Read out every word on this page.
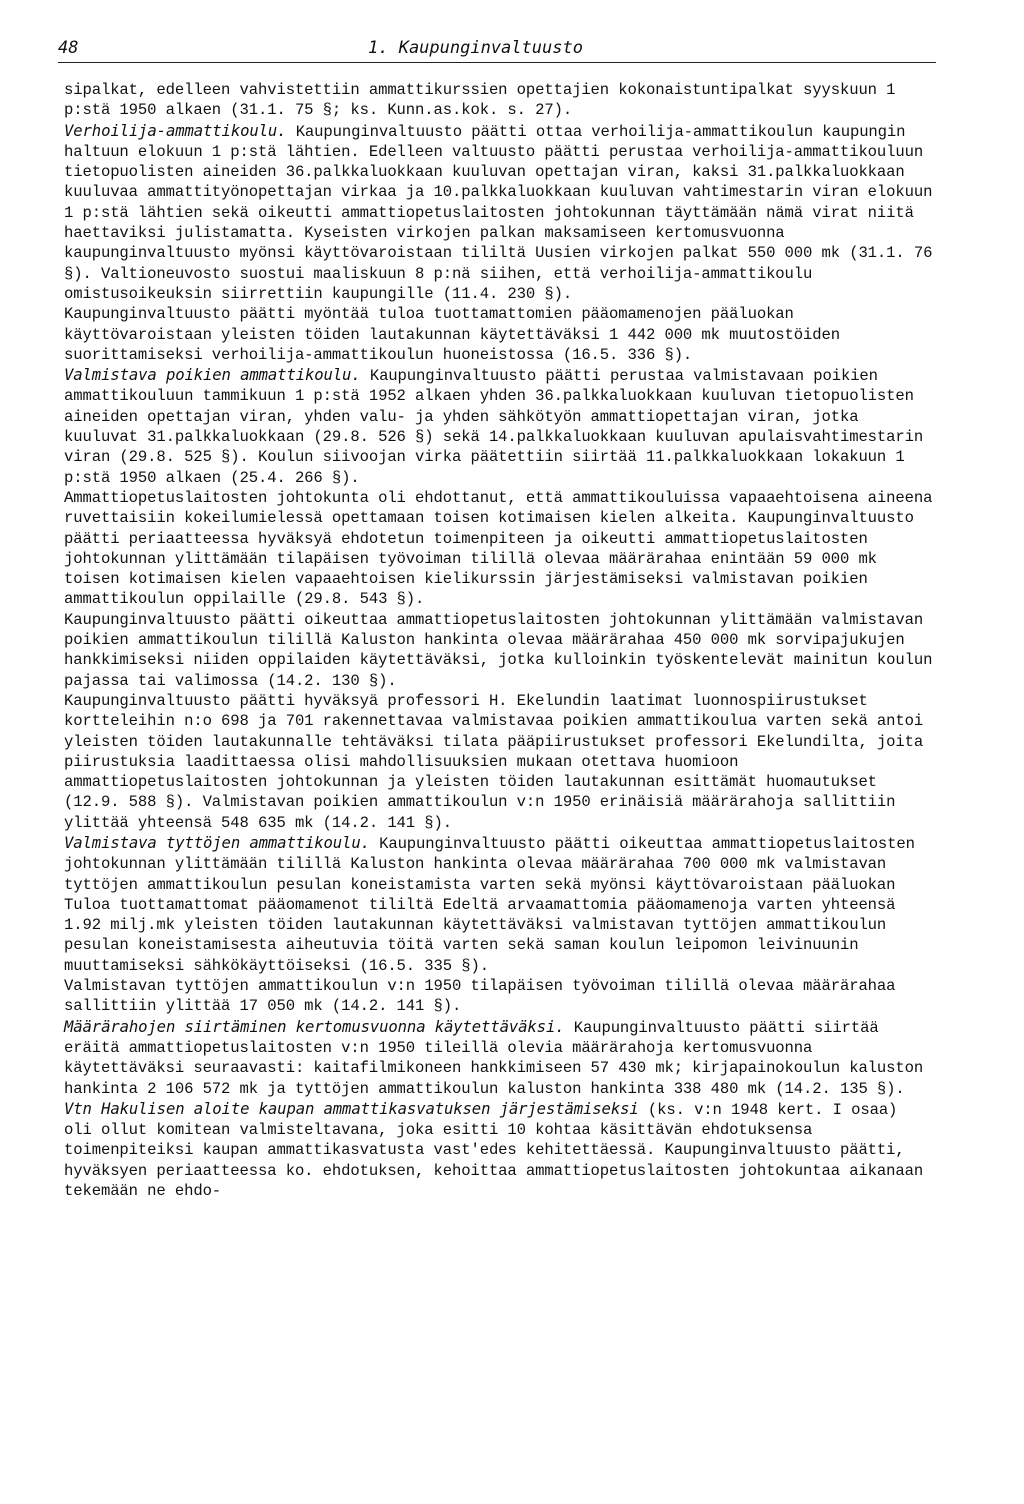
48	1. Kaupunginvaltuusto

sipalkat, edelleen vahvistettiin ammattikurssien opettajien kokonaistuntipalkat syyskuun 1 p:stä 1950 alkaen (31.1. 75 §; ks. Kunn.as.kok. s. 27).

Verhoilija-ammattikoulu. Kaupunginvaltuusto päätti ottaa verhoilija-ammattikoulun kaupungin haltuun elokuun 1 p:stä lähtien. Edelleen valtuusto päätti perustaa verhoilija-ammattikouluun tietopuolisten aineiden 36.palkkaluokkaan kuuluvan opettajan viran, kaksi 31.palkkaluokkaan kuuluvaa ammattityönopettajan virkaa ja 10.palkkaluokkaan kuuluvan vahtimestarin viran elokuun 1 p:stä lähtien sekä oikeutti ammattiopetuslaitosten johtokunnan täyttämään nämä virat niitä haettaviksi julistamatta. Kyseisten virkojen palkan maksamiseen kertomusvuonna kaupunginvaltuusto myönsi käyttövaroistaan tililtä Uusien virkojen palkat 550 000 mk (31.1. 76 §). Valtioneuvosto suostui maaliskuun 8 p:nä siihen, että verhoilija-ammattikoulu omistusoikeuksin siirrettiin kaupungille (11.4. 230 §).

Kaupunginvaltuusto päätti myöntää tuloa tuottamattomien pääomamenojen pääluokan käyttövaroistaan yleisten töiden lautakunnan käytettäväksi 1 442 000 mk muutostöiden suorittamiseksi verhoilija-ammattikoulun huoneistossa (16.5. 336 §).

Valmistava poikien ammattikoulu. Kaupunginvaltuusto päätti perustaa valmistavaan poikien ammattikouluun tammikuun 1 p:stä 1952 alkaen yhden 36.palkkaluokkaan kuuluvan tietopuolisten aineiden opettajan viran, yhden valu- ja yhden sähkötyön ammattiopettajan viran, jotka kuuluvat 31.palkkaluokkaan (29.8. 526 §) sekä 14.palkkaluokkaan kuuluvan apulaisvahtimestarin viran (29.8. 525 §). Koulun siivoojan virka päätettiin siirtää 11.palkkaluokkaan lokakuun 1 p:stä 1950 alkaen (25.4. 266 §).

Ammattiopetuslaitosten johtokunta oli ehdottanut, että ammattikouluissa vapaaehtoisena aineena ruvettaisiin kokeilumielessä opettamaan toisen kotimaisen kielen alkeita. Kaupunginvaltuusto päätti periaatteessa hyväksyä ehdotetun toimenpiteen ja oikeutti ammattiopetuslaitosten johtokunnan ylittämään tilapäisen työvoiman tilillä olevaa määrärahaa enintään 59 000 mk toisen kotimaisen kielen vapaaehtoisen kielikurssin järjestämiseksi valmistavan poikien ammattikoulun oppilaille (29.8. 543 §).

Kaupunginvaltuusto päätti oikeuttaa ammattiopetuslaitosten johtokunnan ylittämään valmistavan poikien ammattikoulun tilillä Kaluston hankinta olevaa määrärahaa 450 000 mk sorvipajukujen hankkimiseksi niiden oppilaiden käytettäväksi, jotka kulloinkin työskentelevät mainitun koulun pajassa tai valimossa (14.2. 130 §).

Kaupunginvaltuusto päätti hyväksyä professori H. Ekelundin laatimat luonnospiirustukset kortteleihin n:o 698 ja 701 rakennettavaa valmistavaa poikien ammattikoulua varten sekä antoi yleisten töiden lautakunnalle tehtäväksi tilata pääpiirustukset professori Ekelundilta, joita piirustuksia laadittaessa olisi mahdollisuuksien mukaan otettava huomioon ammattiopetuslaitosten johtokunnan ja yleisten töiden lautakunnan esittämät huomautukset (12.9. 588 §). Valmistavan poikien ammattikoulun v:n 1950 erinäisiä määrärahoja sallittiin ylittää yhteensä 548 635 mk (14.2. 141 §).

Valmistava tyttöjen ammattikoulu. Kaupunginvaltuusto päätti oikeuttaa ammattiopetuslaitosten johtokunnan ylittämään tilillä Kaluston hankinta olevaa määrärahaa 700 000 mk valmistavan tyttöjen ammattikoulun pesulan koneistamista varten sekä myönsi käyttövaroistaan pääluokan Tuloa tuottamattomat pääomamenot tililtä Edeltä arvaamattomia pääomamenoja varten yhteensä 1.92 milj.mk yleisten töiden lautakunnan käytettäväksi valmistavan tyttöjen ammattikoulun pesulan koneistamisesta aiheutuvia töitä varten sekä saman koulun leipomon leivinuunin muuttamiseksi sähkökäyttöiseksi (16.5. 335 §).

Valmistavan tyttöjen ammattikoulun v:n 1950 tilapäisen työvoiman tilillä olevaa määrärahaa sallittiin ylittää 17 050 mk (14.2. 141 §).

Määrärahojen siirtäminen kertomusvuonna käytettäväksi. Kaupunginvaltuusto päätti siirtää eräitä ammattiopetuslaitosten v:n 1950 tileillä olevia määrärahoja kertomusvuonna käytettäväksi seuraavasti: kaitafilmikoneen hankkimiseen 57 430 mk; kirjapainokoulun kaluston hankinta 2 106 572 mk ja tyttöjen ammattikoulun kaluston hankinta 338 480 mk (14.2. 135 §).

Vtn Hakulisen aloite kaupan ammattikasvatuksen järjestämiseksi (ks. v:n 1948 kert. I osaa) oli ollut komitean valmisteltavana, joka esitti 10 kohtaa käsittävän ehdotuksensa toimenpiteiksi kaupan ammattikasvatusta vast'edes kehitettäessä. Kaupunginvaltuusto päätti, hyväksyen periaatteessa ko. ehdotuksen, kehoittaa ammattiopetuslaitosten johtokuntaa aikanaan tekemään ne ehdo-
